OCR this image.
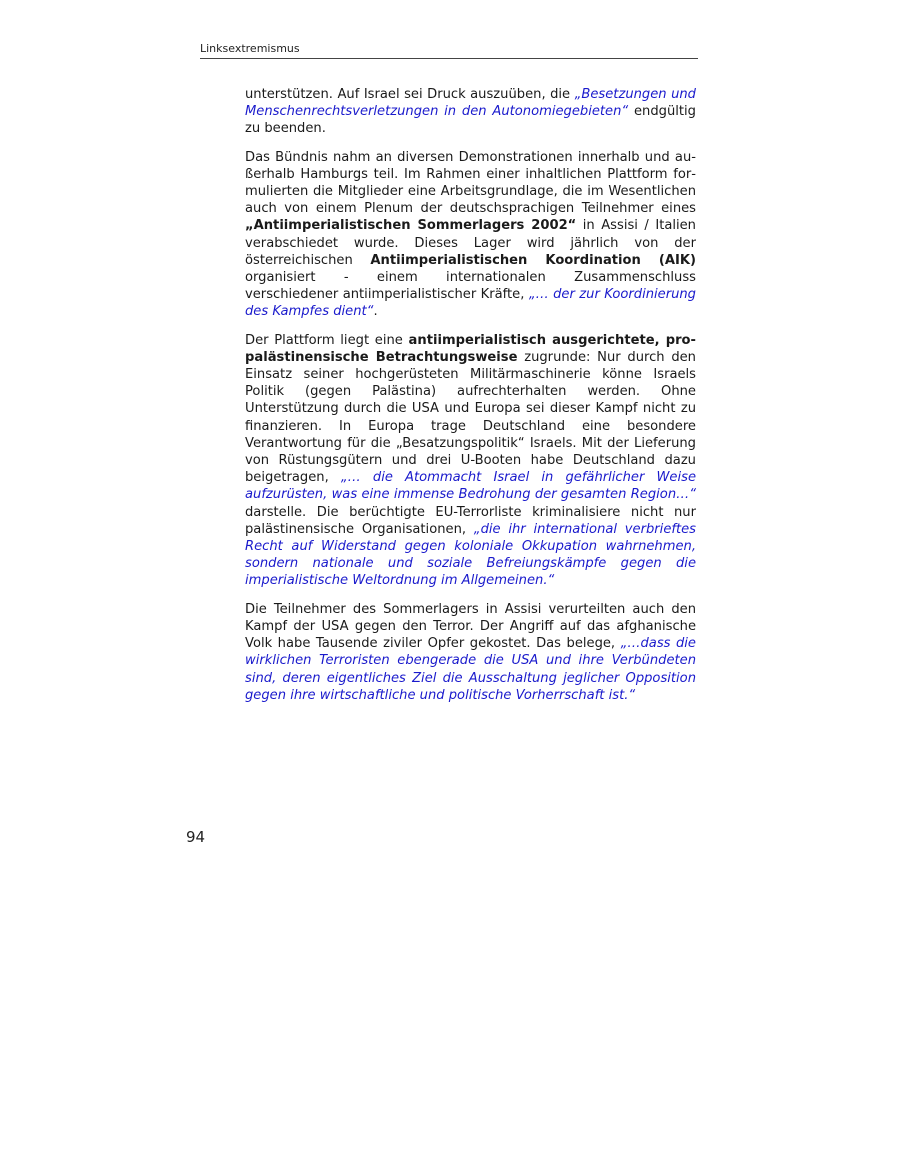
Linksextremismus

unterstützen. Auf Israel sei Druck auszuüben, die „Besetzungen und Menschenrechtsverletzungen in den Autonomiegebieten“ endgültig zu beenden.

Das Bündnis nahm an diversen Demonstrationen innerhalb und außerhalb Hamburgs teil. Im Rahmen einer inhaltlichen Plattform formulierten die Mitglieder eine Arbeitsgrundlage, die im Wesentlichen auch von einem Plenum der deutschsprachigen Teilnehmer eines „Antiimperialistischen Sommerlagers 2002“ in Assisi / Italien verabschiedet wurde. Dieses Lager wird jährlich von der österreichischen Antiimperialistischen Koordination (AIK) organisiert - einem internationalen Zusammenschluss verschiedener antiimperialistischer Kräfte, „… der zur Koordinierung des Kampfes dient“.

Der Plattform liegt eine antiimperialistisch ausgerichtete, propalästinensische Betrachtungsweise zugrunde: Nur durch den Einsatz seiner hochgerüsteten Militärmaschinerie könne Israels Politik (gegen Palästina) aufrechterhalten werden. Ohne Unterstützung durch die USA und Europa sei dieser Kampf nicht zu finanzieren. In Europa trage Deutschland eine besondere Verantwortung für die „Besatzungspolitik“ Israels. Mit der Lieferung von Rüstungsgütern und drei U-Booten habe Deutschland dazu beigetragen, „… die Atommacht Israel in gefährlicher Weise aufzurüsten, was eine immense Bedrohung der gesamten Region…“ darstelle. Die berüchtigte EU-Terrorliste kriminalisiere nicht nur palästinensische Organisationen, „die ihr international verbrieftes Recht auf Widerstand gegen koloniale Okkupation wahrnehmen, sondern nationale und soziale Befreiungskämpfe gegen die imperialistische Weltordnung im Allgemeinen.“

Die Teilnehmer des Sommerlagers in Assisi verurteilten auch den Kampf der USA gegen den Terror. Der Angriff auf das afghanische Volk habe Tausende ziviler Opfer gekostet. Das belege, „…dass die wirklichen Terroristen ebengerade die USA und ihre Verbündeten sind, deren eigentliches Ziel die Ausschaltung jeglicher Opposition gegen ihre wirtschaftliche und politische Vorherrschaft ist.“

94
